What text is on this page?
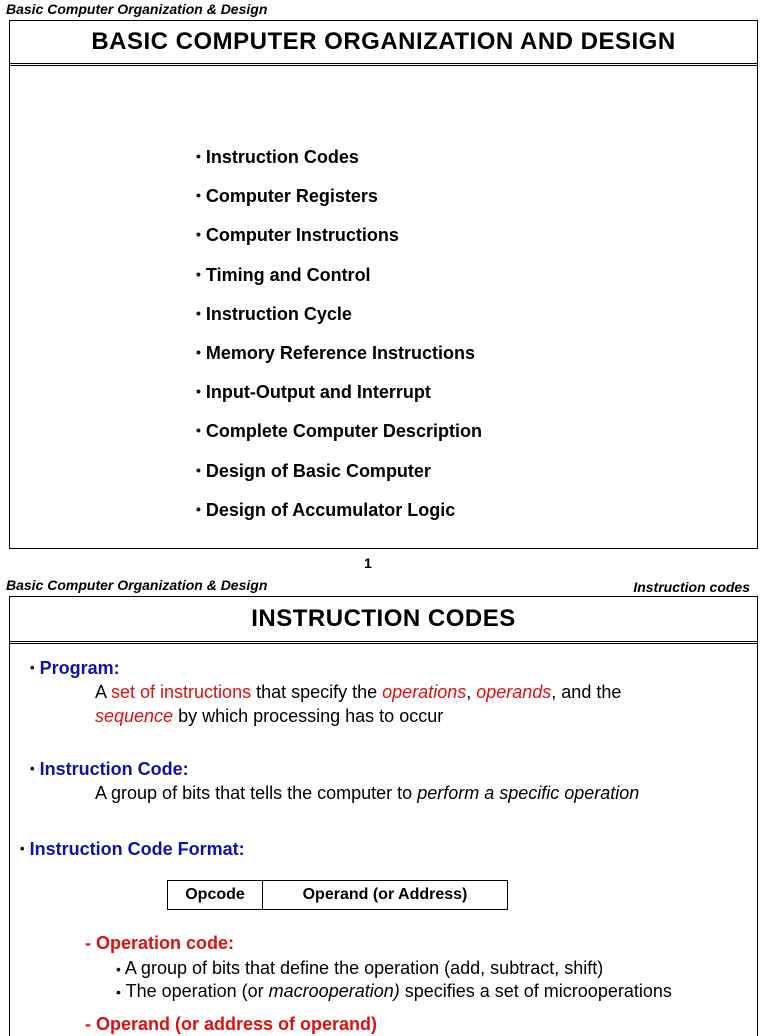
Basic Computer Organization & Design
BASIC COMPUTER ORGANIZATION AND DESIGN
• Instruction Codes
• Computer Registers
• Computer Instructions
• Timing and Control
• Instruction Cycle
• Memory Reference Instructions
• Input-Output and Interrupt
• Complete Computer Description
• Design of Basic Computer
• Design of Accumulator Logic
1
Basic Computer Organization & Design	Instruction codes
INSTRUCTION CODES
• Program:
A set of instructions that specify the operations, operands, and the
sequence by which processing has to occur
• Instruction Code:
A group of bits that tells the computer to perform a specific operation
• Instruction Code Format:
Opcode	Operand (or Address)
- Operation code:
• A group of bits that define the operation (add, subtract, shift)
• The operation (or macrooperation) specifies a set of microoperations
- Operand (or address of operand)
